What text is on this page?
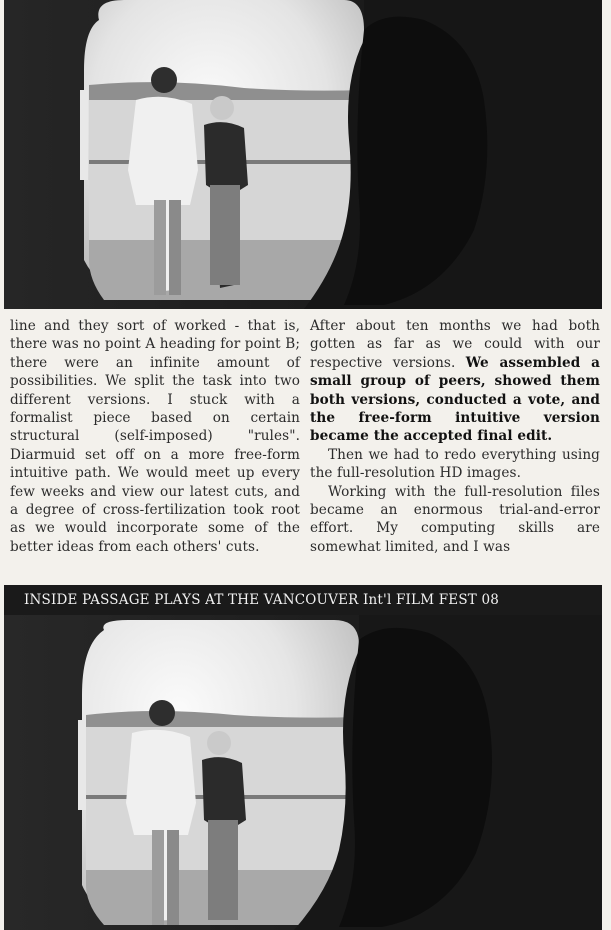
line and they sort of worked - that is, there was no point A heading for point B; there were an infinite amount of possibilities. We split the task into two different versions. I stuck with a formalist piece based on certain structural (self-imposed) "rules". Diarmuid set off on a more free-form intuitive path. We would meet up every few weeks and view our latest cuts, and a degree of cross-fertilization took root as we would incorporate some of the better ideas from each others' cuts.

After about ten months we had both gotten as far as we could with our respective versions. We assembled a small group of peers, showed them both versions, conducted a vote, and the free-form intuitive version became the accepted final edit.

Then we had to redo everything using the full-resolution HD images.

Working with the full-resolution files became an enormous trial-and-error effort. My computing skills are somewhat limited, and I was

INSIDE PASSAGE PLAYS AT THE VANCOUVER Int'l FILM FEST 08
